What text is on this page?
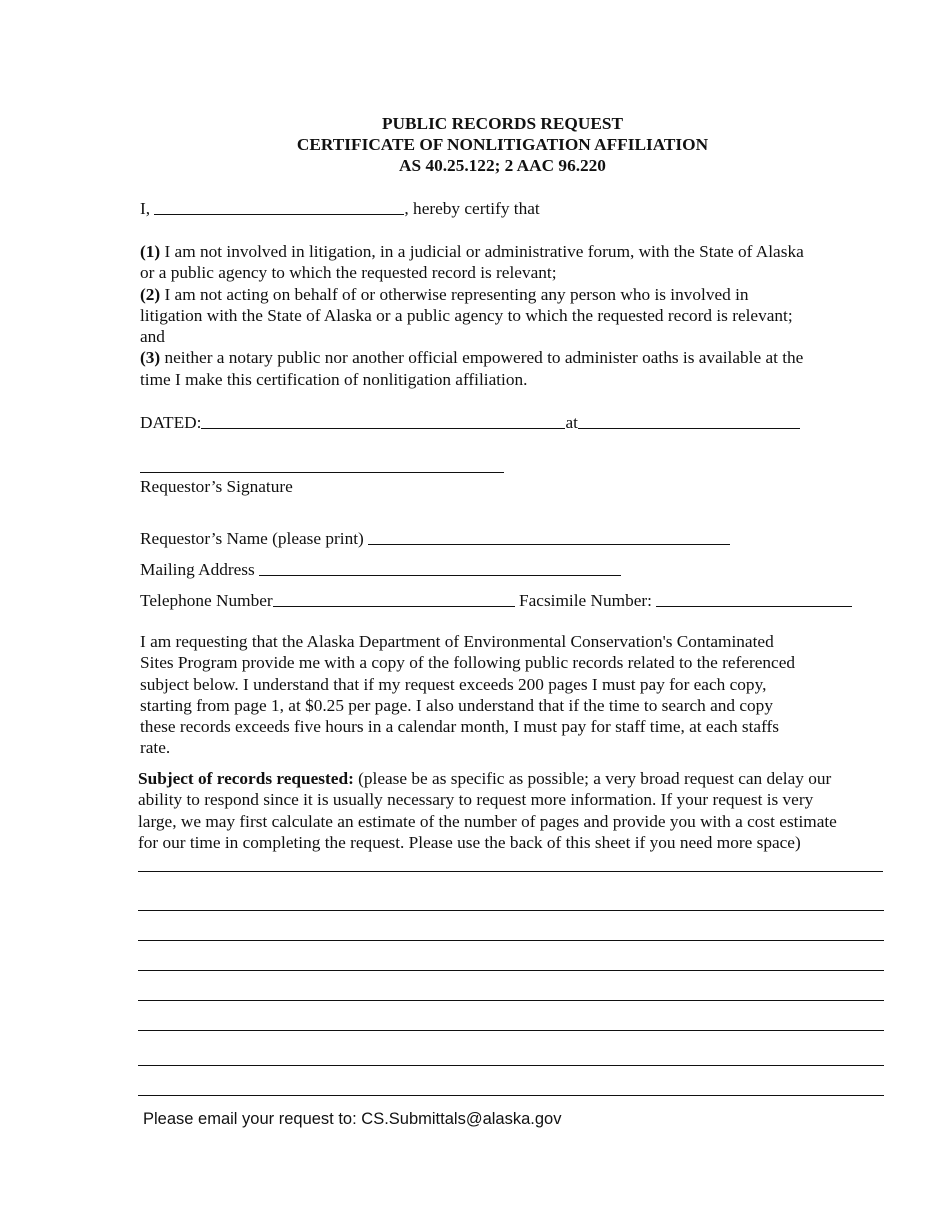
PUBLIC RECORDS REQUEST
CERTIFICATE OF NONLITIGATION AFFILIATION
AS 40.25.122; 2 AAC 96.220
I,	, hereby certify that
(1) I am not involved in litigation, in a judicial or administrative forum, with the State of Alaska
or a public agency to which the requested record is relevant;
(2) I am not acting on behalf of or otherwise representing any person who is involved in
litigation with the State of Alaska or a public agency to which the requested record is relevant;
and
(3) neither a notary public nor another official empowered to administer oaths is available at the
time I make this certification of nonlitigation affiliation.
DATED:	at
Requestor’s Signature
Requestor’s Name (please print)
Mailing Address
Telephone Number	Facsimile Number:
I am requesting that the Alaska Department of Environmental Conservation's Contaminated
Sites Program provide me with a copy of the following public records related to the referenced
subject below. I understand that if my request exceeds 200 pages I must pay for each copy,
starting from page 1, at $0.25 per page. I also understand that if the time to search and copy
these records exceeds five hours in a calendar month, I must pay for staff time, at each staffs
rate.
Subject of records requested: (please be as specific as possible; a very broad request can delay our
ability to respond since it is usually necessary to request more information. If your request is very
large, we may first calculate an estimate of the number of pages and provide you with a cost estimate
for our time in completing the request. Please use the back of this sheet if you need more space)
Please email your request to: CS.Submittals@alaska.gov
